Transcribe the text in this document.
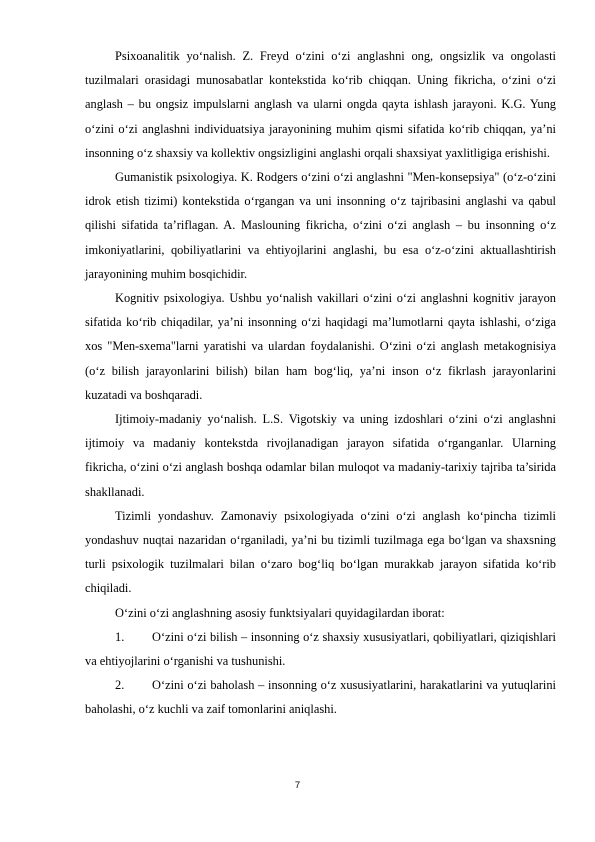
Psixoanalitik yoʻnalish. Z. Freyd oʻzini oʻzi anglashni ong, ongsizlik va ongolasti tuzilmalari orasidagi munosabatlar kontekstida koʻrib chiqqan. Uning fikricha, oʻzini oʻzi anglash – bu ongsiz impulslarni anglash va ularni ongda qayta ishlash jarayoni. K.G. Yung oʻzini oʻzi anglashni individuatsiya jarayonining muhim qismi sifatida koʻrib chiqqan, ya’ni insonning oʻz shaxsiy va kollektiv ongsizligini anglashi orqali shaxsiyat yaxlitligiga erishishi.

Gumanistik psixologiya. K. Rodgers oʻzini oʻzi anglashni "Men-konsepsiya" (oʻz-oʻzini idrok etish tizimi) kontekstida oʻrgangan va uni insonning oʻz tajribasini anglashi va qabul qilishi sifatida ta’riflagan. A. Maslouning fikricha, oʻzini oʻzi anglash – bu insonning oʻz imkoniyatlarini, qobiliyatlarini va ehtiyojlarini anglashi, bu esa oʻz-oʻzini aktuallashtirish jarayonining muhim bosqichidir.

Kognitiv psixologiya. Ushbu yoʻnalish vakillari oʻzini oʻzi anglashni kognitiv jarayon sifatida koʻrib chiqadilar, ya’ni insonning oʻzi haqidagi ma’lumotlarni qayta ishlashi, oʻziga xos "Men-sxema"larni yaratishi va ulardan foydalanishi. Oʻzini oʻzi anglash metakognisiya (oʻz bilish jarayonlarini bilish) bilan ham bogʻliq, ya’ni inson oʻz fikrlash jarayonlarini kuzatadi va boshqaradi.

Ijtimoiy-madaniy yoʻnalish. L.S. Vigotskiy va uning izdoshlari oʻzini oʻzi anglashni ijtimoiy va madaniy kontekstda rivojlanadigan jarayon sifatida oʻrganganlar. Ularning fikricha, oʻzini oʻzi anglash boshqa odamlar bilan muloqot va madaniy-tarixiy tajriba ta’sirida shakllanadi.

Tizimli yondashuv. Zamonaviy psixologiyada oʻzini oʻzi anglash koʻpincha tizimli yondashuv nuqtai nazaridan oʻrganiladi, ya’ni bu tizimli tuzilmaga ega boʻlgan va shaxsning turli psixologik tuzilmalari bilan oʻzaro bogʻliq boʻlgan murakkab jarayon sifatida koʻrib chiqiladi.

Oʻzini oʻzi anglashning asosiy funktsiyalari quyidagilardan iborat:

1. Oʻzini oʻzi bilish – insonning oʻz shaxsiy xususiyatlari, qobiliyatlari, qiziqishlari va ehtiyojlarini oʻrganishi va tushunishi.

2. Oʻzini oʻzi baholash – insonning oʻz xususiyatlarini, harakatlarini va yutuqlarini baholashi, oʻz kuchli va zaif tomonlarini aniqlashi.

7
